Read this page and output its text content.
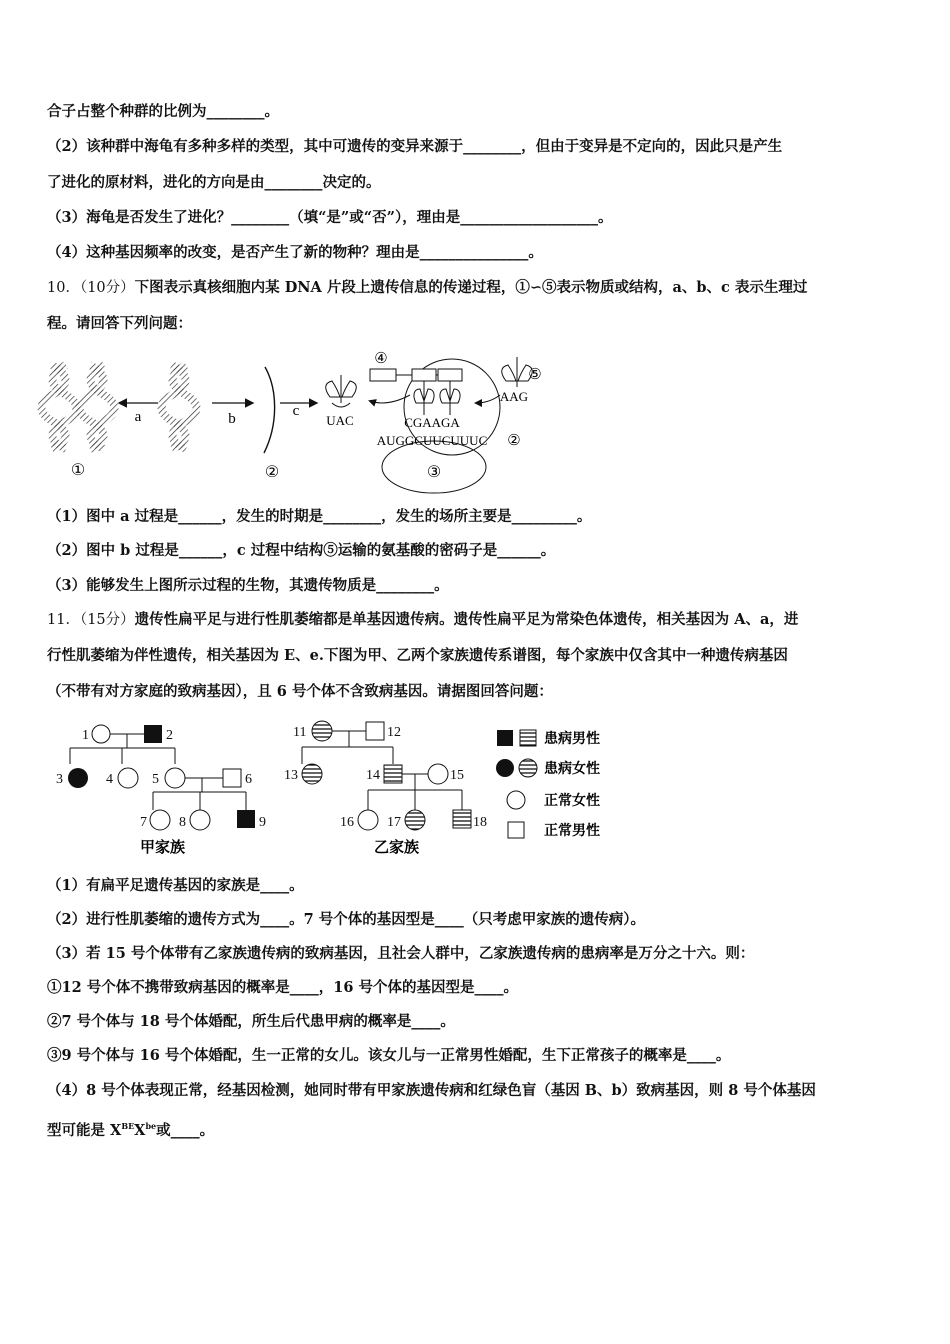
合子占整个种群的比例为________。
（2）该种群中海龟有多种多样的类型，其中可遗传的变异来源于________，但由于变异是不定向的，因此只是产生
了进化的原材料，进化的方向是由________决定的。
（3）海龟是否发生了进化？________（填“是”或“否”），理由是___________________。
（4）这种基因频率的改变，是否产生了新的物种？理由是_______________。
10．（10分）下图表示真核细胞内某 DNA 片段上遗传信息的传递过程，①∽⑤表示物质或结构，a、b、c 表示生理过
程。请回答下列问题：
①
a	b
②
c
UAC
③
④
CGAAGA
AUGGCUUCUUUC ②
⑤
AAG
（1）图中 a 过程是______，发生的时期是________，发生的场所主要是_________。
（2）图中 b 过程是______，c 过程中结构⑤运输的氨基酸的密码子是______。
（3）能够发生上图所示过程的生物，其遗传物质是________。
11．（15分）遗传性扁平足与进行性肌萎缩都是单基因遗传病。遗传性扁平足为常染色体遗传，相关基因为 A、a，进
行性肌萎缩为伴性遗传，相关基因为 E、e.下图为甲、乙两个家族遗传系谱图，每个家族中仅含其中一种遗传病基因
（不带有对方家庭的致病基因），且 6 号个体不含致病基因。请据图回答问题：
1	2
3	4	5	6
7 8	9
甲家族
11	12
13	14	15
16 17	18
乙家族
患病男性
患病女性
正常女性
正常男性
（1）有扁平足遗传基因的家族是____。
（2）进行性肌萎缩的遗传方式为____。7 号个体的基因型是____（只考虑甲家族的遗传病）。
（3）若 15 号个体带有乙家族遗传病的致病基因，且社会人群中，乙家族遗传病的患病率是万分之十六。则：
①12 号个体不携带致病基因的概率是____，16 号个体的基因型是____。
②7 号个体与 18 号个体婚配，所生后代患甲病的概率是____。
③9 号个体与 16 号个体婚配，生一正常的女儿。该女儿与一正常男性婚配，生下正常孩子的概率是____。
（4）8 号个体表现正常，经基因检测，她同时带有甲家族遗传病和红绿色盲（基因 B、b）致病基因，则 8 号个体基因
型可能是 $X^{BE}X^{be}$或____。
